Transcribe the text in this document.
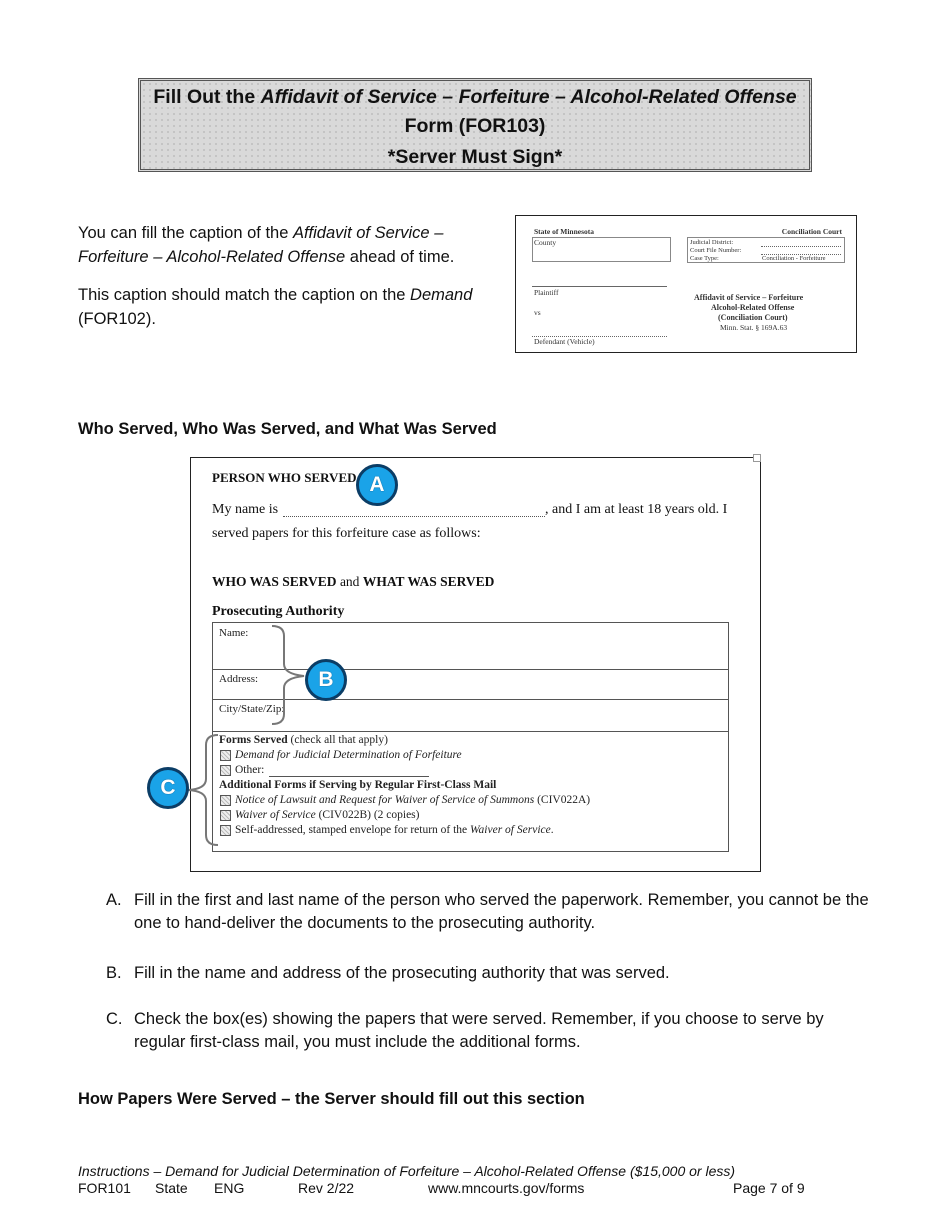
Fill Out the Affidavit of Service – Forfeiture – Alcohol-Related Offense
Form (FOR103)
*Server Must Sign*
You can fill the caption of the Affidavit of Service – Forfeiture – Alcohol-Related Offense ahead of time.
This caption should match the caption on the Demand (FOR102).
State of Minnesota	Conciliation Court
County	Judicial District:
Court File Number:
Case Type:	Conciliation - Forfeiture
Plaintiff
vs
Defendant (Vehicle)
Affidavit of Service – Forfeiture
Alcohol-Related Offense
(Conciliation Court)
Minn. Stat. § 169A.63
Who Served, Who Was Served, and What Was Served
PERSON WHO SERVED
My name is	, and I am at least 18 years old. I
served papers for this forfeiture case as follows:
WHO WAS SERVED and WHAT WAS SERVED
Prosecuting Authority
Name:
Address:
City/State/Zip:
Forms Served (check all that apply)
Demand for Judicial Determination of Forfeiture
Other:
Additional Forms if Serving by Regular First-Class Mail
Notice of Lawsuit and Request for Waiver of Service of Summons (CIV022A)
Waiver of Service (CIV022B) (2 copies)
Self-addressed, stamped envelope for return of the Waiver of Service.
A
B
C
A. Fill in the first and last name of the person who served the paperwork. Remember, you cannot be the one to hand-deliver the documents to the prosecuting authority.
B. Fill in the name and address of the prosecuting authority that was served.
C. Check the box(es) showing the papers that were served. Remember, if you choose to serve by regular first-class mail, you must include the additional forms.
How Papers Were Served – the Server should fill out this section
Instructions – Demand for Judicial Determination of Forfeiture – Alcohol-Related Offense ($15,000 or less)
FOR101 State ENG	Rev 2/22	www.mncourts.gov/forms	Page 7 of 9
